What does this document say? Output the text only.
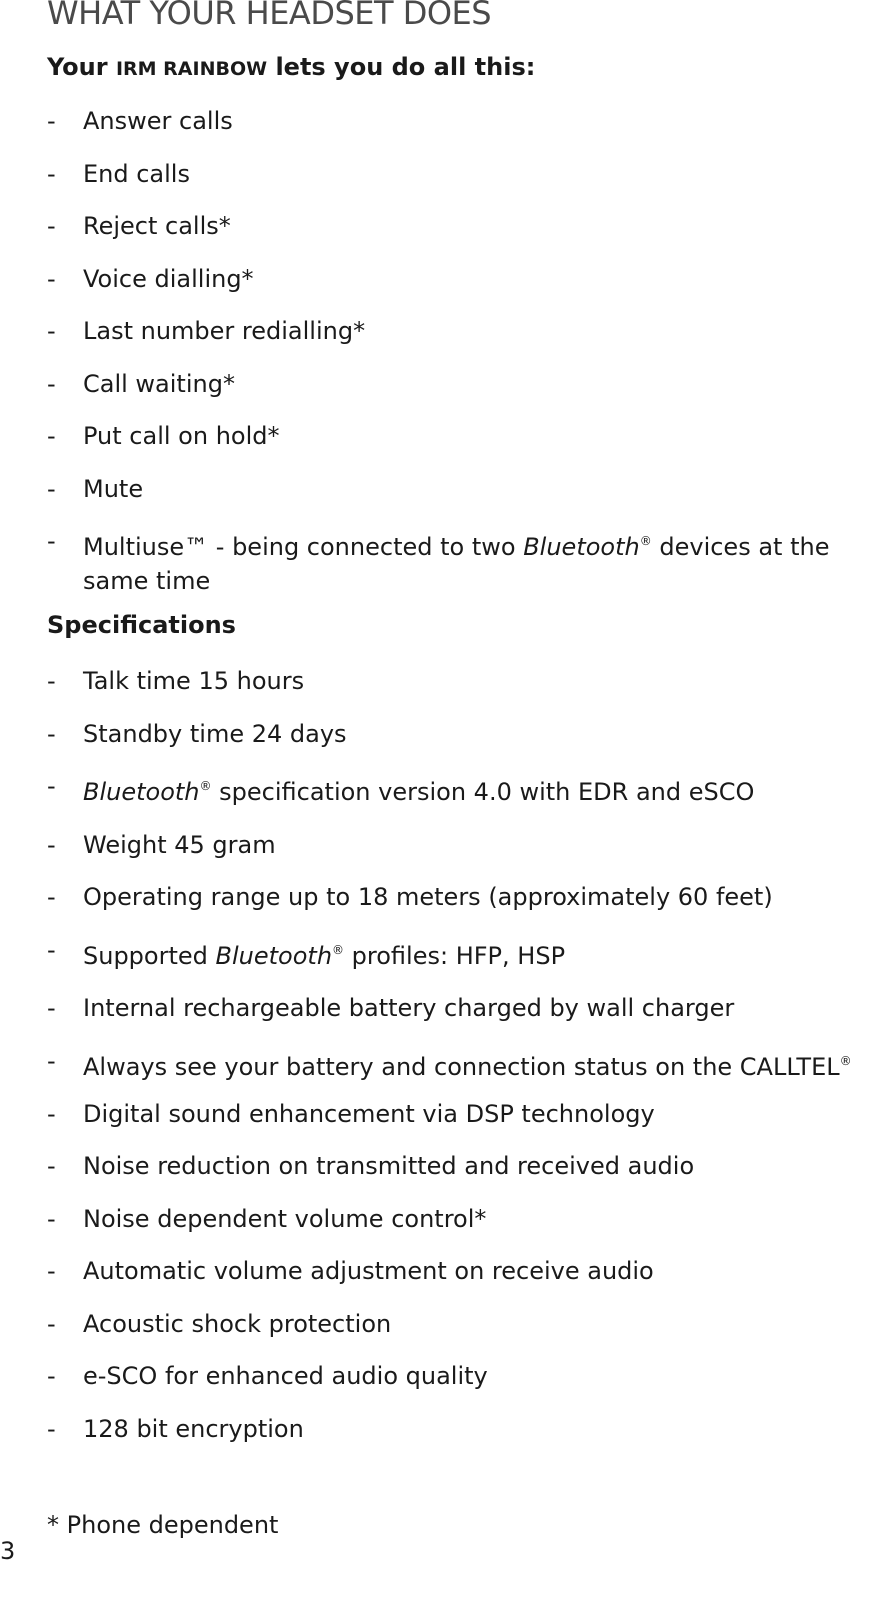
WHAT YOUR HEADSET DOES
Your IRM RAINBOW lets you do all this:
- Answer calls
- End calls
- Reject calls*
- Voice dialling*
- Last number redialling*
- Call waiting*
- Put call on hold*
- Mute
- Multiuse™ - being connected to two Bluetooth® devices at the same time
Specifications
- Talk time 15 hours
- Standby time 24 days
- Bluetooth® specification version 4.0 with EDR and eSCO
- Weight 45 gram
- Operating range up to 18 meters (approximately 60 feet)
- Supported Bluetooth® profiles: HFP, HSP
- Internal rechargeable battery charged by wall charger
- Always see your battery and connection status on the CALLTEL®
- Digital sound enhancement via DSP technology
- Noise reduction on transmitted and received audio
- Noise dependent volume control*
- Automatic volume adjustment on receive audio
- Acoustic shock protection
- e-SCO for enhanced audio quality
- 128 bit encryption
* Phone dependent
3
